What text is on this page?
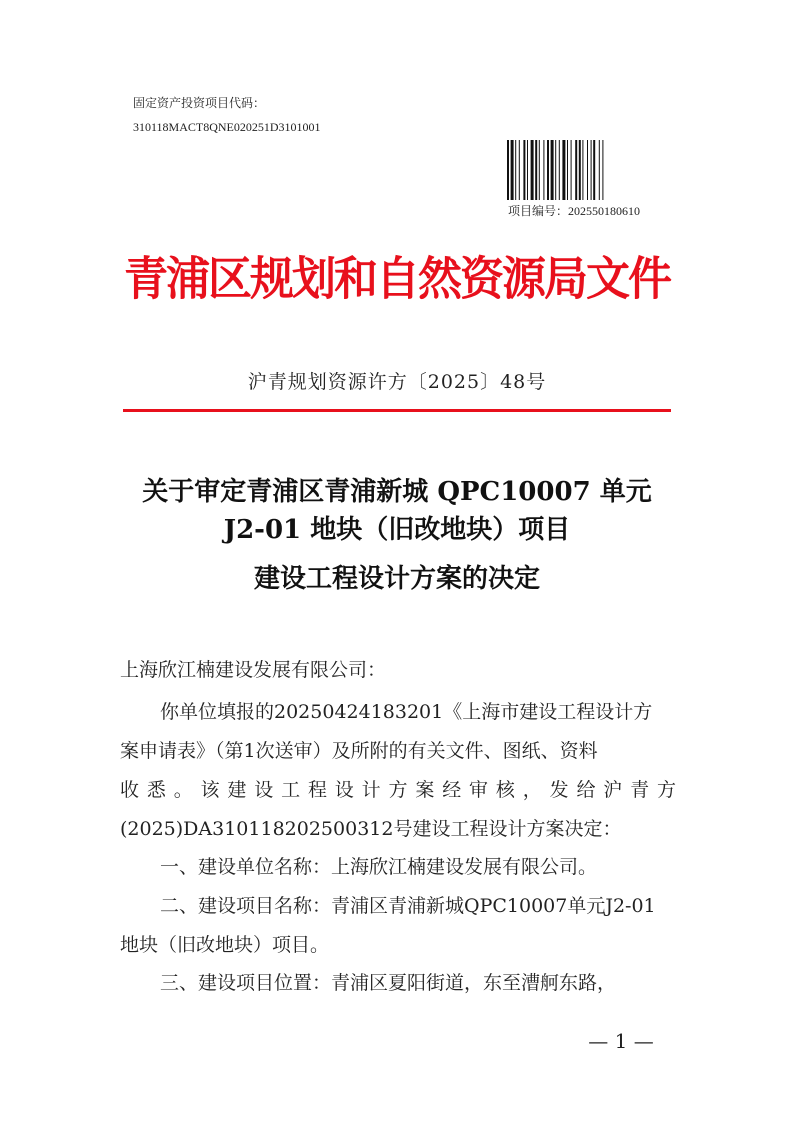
固定资产投资项目代码：
310118MACT8QNE020251D3101001
项目编号：202550180610
青浦区规划和自然资源局文件
沪青规划资源许方〔2025〕48号
关于审定青浦区青浦新城 QPC10007 单元
J2-01 地块（旧改地块）项目
建设工程设计方案的决定
上海欣江楠建设发展有限公司：
你单位填报的20250424183201《上海市建设工程设计方
案申请表》（第1次送审）及所附的有关文件、图纸、资料
收悉。该建设工程设计方案经审核，发给沪青方
(2025)DA310118202500312号建设工程设计方案决定：
一、建设单位名称：上海欣江楠建设发展有限公司。
二、建设项目名称：青浦区青浦新城QPC10007单元J2-01
地块（旧改地块）项目。
三、建设项目位置：青浦区夏阳街道，东至漕舸东路，
— 1 —
